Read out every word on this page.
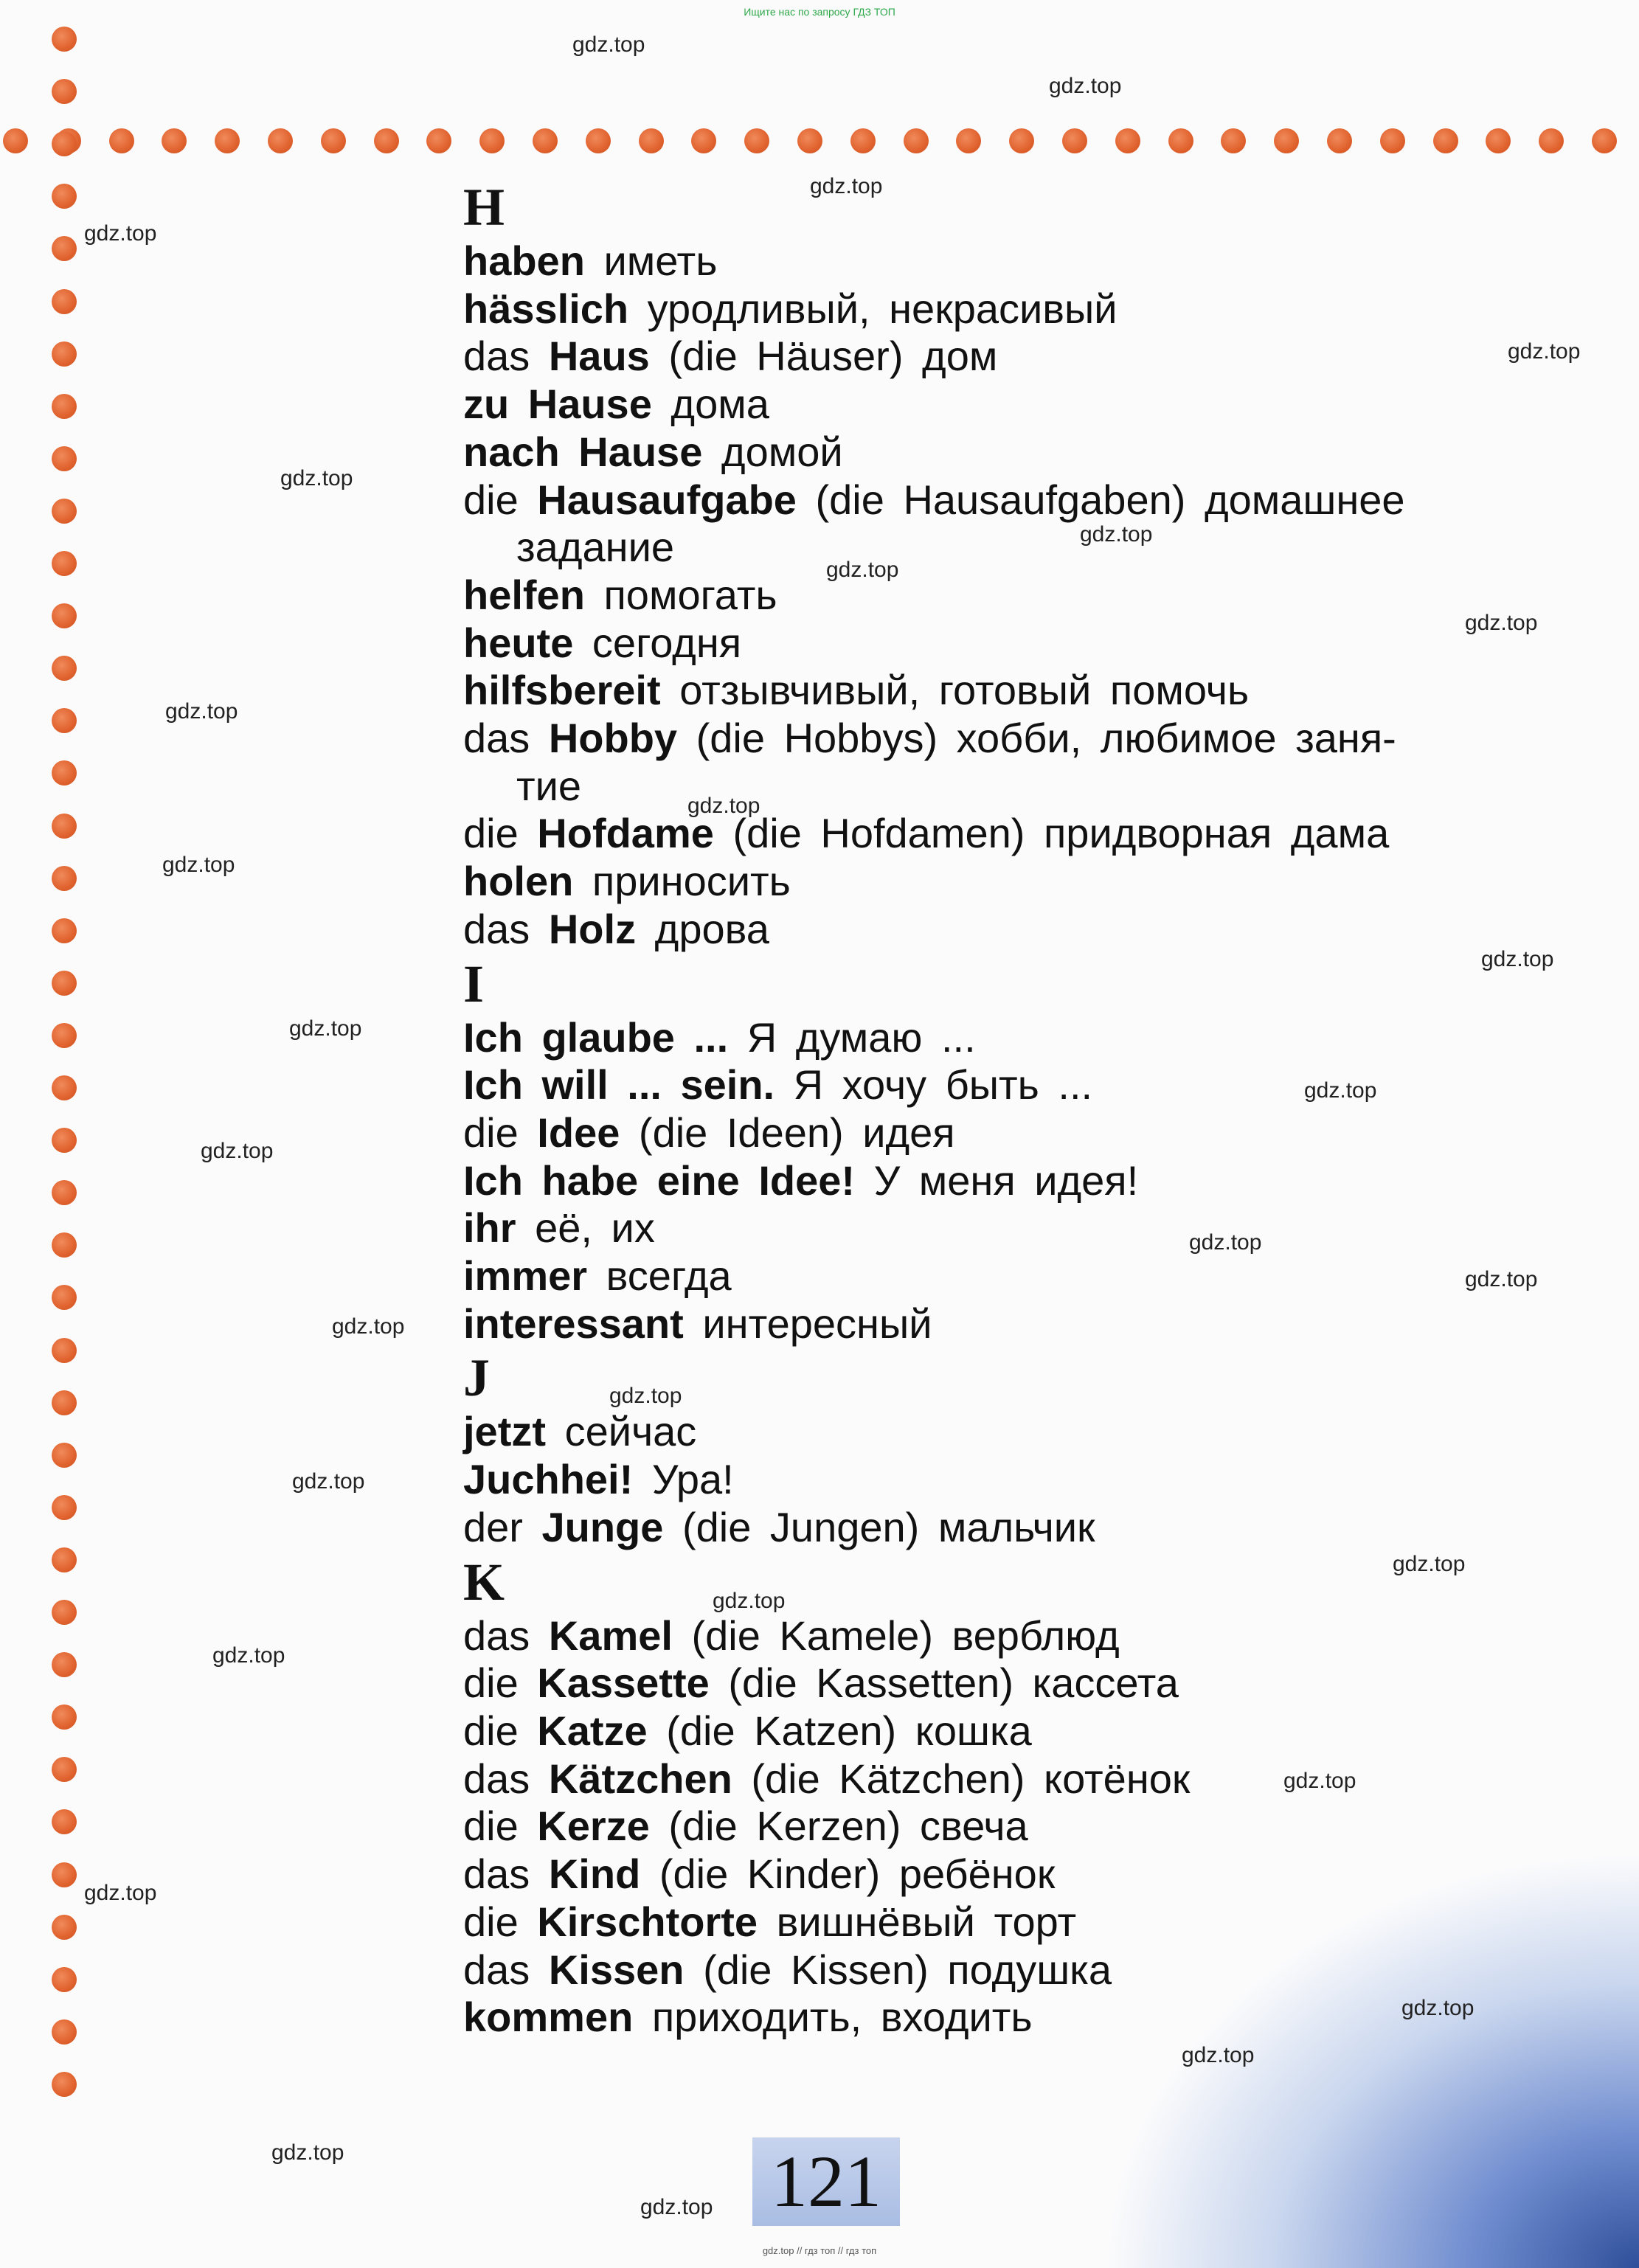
Ищите нас по запросу ГДЗ ТОП
H
haben иметь
hässlich уродливый, некрасивый
das Haus (die Häuser) дом
zu Hause дома
nach Hause домой
die Hausaufgabe (die Hausaufgaben) домашнее
задание
helfen помогать
heute сегодня
hilfsbereit отзывчивый, готовый помочь
das Hobby (die Hobbys) хобби, любимое заня-
тие
die Hofdame (die Hofdamen) придворная дама
holen приносить
das Holz дрова
I
Ich glaube ... Я думаю ...
Ich will ... sein. Я хочу быть ...
die Idee (die Ideen) идея
Ich habe eine Idee! У меня идея!
ihr её, их
immer всегда
interessant интересный
J
jetzt сейчас
Juchhei! Ура!
der Junge (die Jungen) мальчик
K
das Kamel (die Kamele) верблюд
die Kassette (die Kassetten) кассета
die Katze (die Katzen) кошка
das Kätzchen (die Kätzchen) котёнок
die Kerze (die Kerzen) свеча
das Kind (die Kinder) ребёнок
die Kirschtorte вишнёвый торт
das Kissen (die Kissen) подушка
kommen приходить, входить
gdz.top
gdz.top
gdz.top
gdz.top
gdz.top
gdz.top
gdz.top
gdz.top
gdz.top
gdz.top
gdz.top
gdz.top
gdz.top
gdz.top
gdz.top
gdz.top
gdz.top
gdz.top
gdz.top
gdz.top
gdz.top
gdz.top
gdz.top
gdz.top
gdz.top
gdz.top
gdz.top
gdz.top
gdz.top
gdz.top 121
gdz.top // гдз топ // гдз топ
